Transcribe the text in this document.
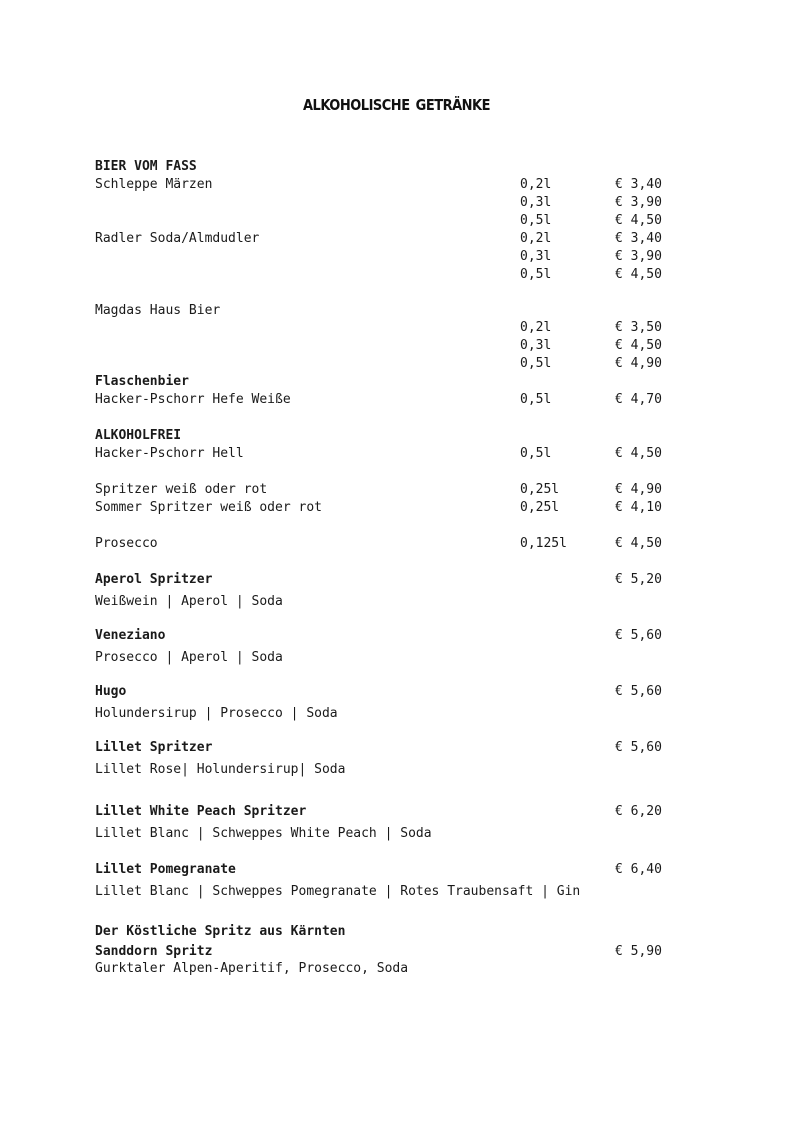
alkoholische getränke
BIER VOM FASS
Schleppe Märzen	0,2l	€ 3,40
0,3l	€ 3,90
0,5l	€ 4,50
Radler Soda/Almdudler	0,2l	€ 3,40
0,3l	€ 3,90
0,5l	€ 4,50
Magdas Haus Bier
0,2l	€ 3,50
0,3l	€ 4,50
0,5l	€ 4,90
Flaschenbier
Hacker-Pschorr Hefe Weiße	0,5l	€ 4,70
ALKOHOLFREI
Hacker-Pschorr Hell	0,5l	€ 4,50
Spritzer weiß oder rot	0,25l	€ 4,90
Sommer Spritzer weiß oder rot	0,25l	€ 4,10
Prosecco	0,125l	€ 4,50
Aperol Spritzer	€ 5,20
Weißwein | Aperol | Soda
Veneziano	€ 5,60
Prosecco | Aperol | Soda
Hugo	€ 5,60
Holundersirup | Prosecco | Soda
Lillet Spritzer	€ 5,60
Lillet Rose| Holundersirup| Soda
Lillet White Peach Spritzer	€ 6,20
Lillet Blanc | Schweppes White Peach | Soda
Lillet Pomegranate	€ 6,40
Lillet Blanc | Schweppes Pomegranate | Rotes Traubensaft | Gin
Der Köstliche Spritz aus Kärnten
Sanddorn Spritz	€ 5,90
Gurktaler Alpen-Aperitif, Prosecco, Soda
